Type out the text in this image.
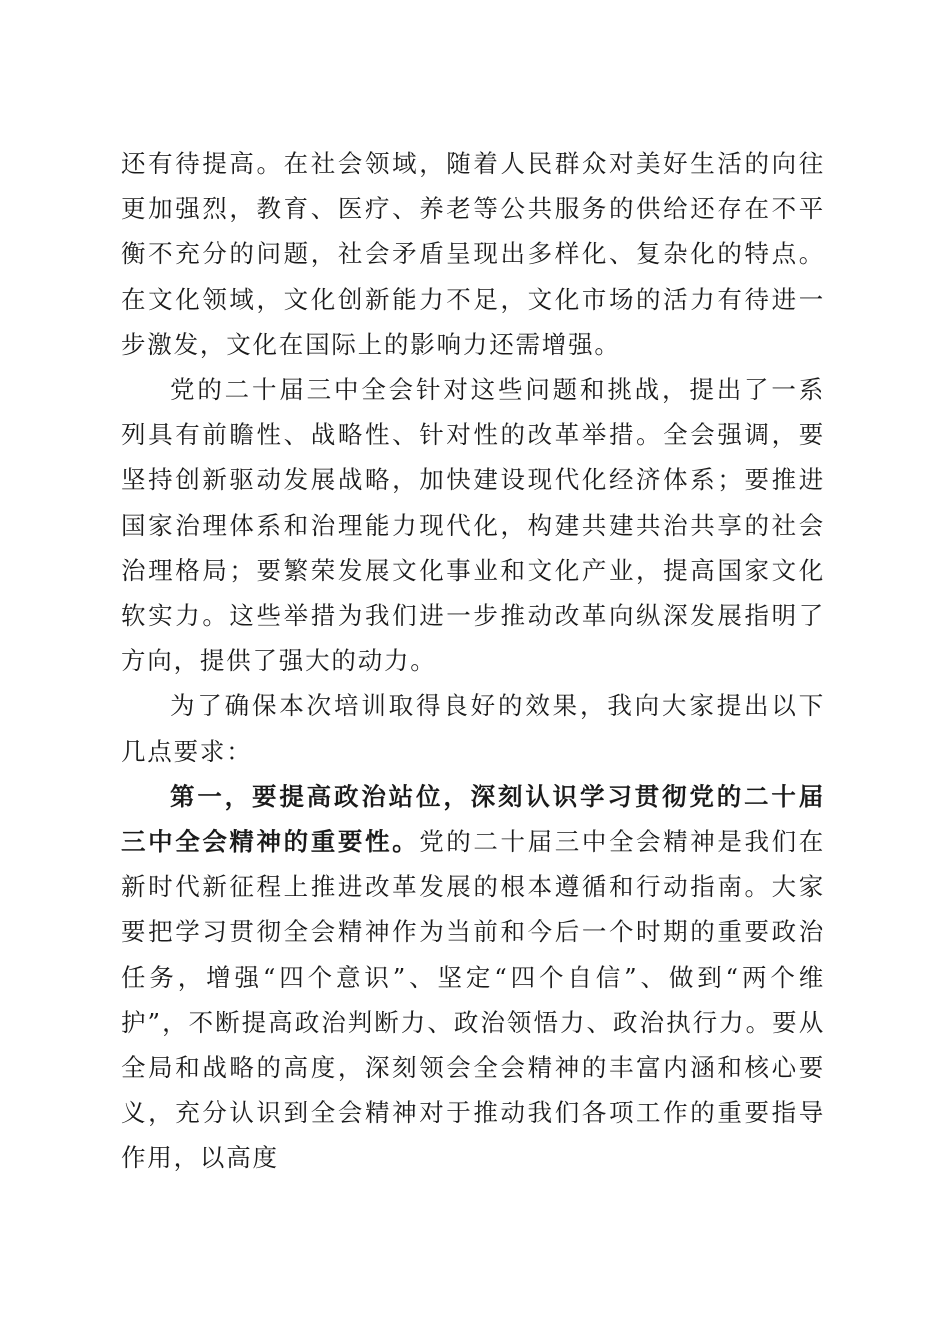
还有待提高。在社会领域，随着人民群众对美好生活的向往更加强烈，教育、医疗、养老等公共服务的供给还存在不平衡不充分的问题，社会矛盾呈现出多样化、复杂化的特点。在文化领域，文化创新能力不足，文化市场的活力有待进一步激发，文化在国际上的影响力还需增强。

党的二十届三中全会针对这些问题和挑战，提出了一系列具有前瞻性、战略性、针对性的改革举措。全会强调，要坚持创新驱动发展战略，加快建设现代化经济体系；要推进国家治理体系和治理能力现代化，构建共建共治共享的社会治理格局；要繁荣发展文化事业和文化产业，提高国家文化软实力。这些举措为我们进一步推动改革向纵深发展指明了方向，提供了强大的动力。

为了确保本次培训取得良好的效果，我向大家提出以下几点要求：

第一，要提高政治站位，深刻认识学习贯彻党的二十届三中全会精神的重要性。党的二十届三中全会精神是我们在新时代新征程上推进改革发展的根本遵循和行动指南。大家要把学习贯彻全会精神作为当前和今后一个时期的重要政治任务，增强“四个意识”、坚定“四个自信”、做到“两个维护”，不断提高政治判断力、政治领悟力、政治执行力。要从全局和战略的高度，深刻领会全会精神的丰富内涵和核心要义，充分认识到全会精神对于推动我们各项工作的重要指导作用，以高度
